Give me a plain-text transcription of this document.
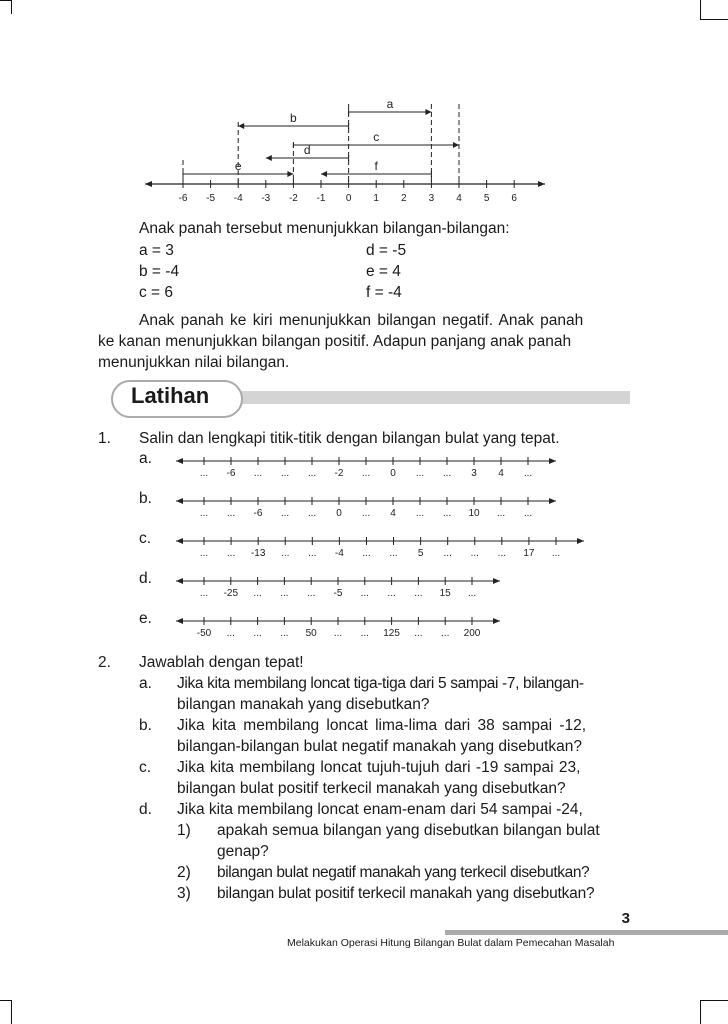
-6 -5 -4 -3 -2 -1 0 1 2 3 4 5 6
a
b
c
d
e	f
Anak panah tersebut menunjukkan bilangan-bilangan:
a = 3	d = -5
b = -4	e = 4
c = 6	f = -4
Anak panah ke kiri menunjukkan bilangan negatif. Anak panah
ke kanan menunjukkan bilangan positif. Adapun panjang anak panah
menunjukkan nilai bilangan.
Latihan
1. Salin dan lengkapi titik-titik dengan bilangan bulat yang tepat.
a.
b.
c.
d.
e.
... -6 ... ... ... -2 ... 0 ... ... 3 4 ...
... ... -6 ... ... 0 ... 4 ... ... 10 ... ...
... ... -13 ... ... -4 ... ... 5 ... ... ... 17 ...
... -25 ... ... ... -5 ... ... ... 15 ...
-50 ... ... ... 50 ... ... 125 ... ... 200
2. Jawablah dengan tepat!
a. Jika kita membilang loncat tiga-tiga dari 5 sampai -7, bilangan-
bilangan manakah yang disebutkan?
b. Jika kita membilang loncat lima-lima dari 38 sampai -12,
bilangan-bilangan bulat negatif manakah yang disebutkan?
c. Jika kita membilang loncat tujuh-tujuh dari -19 sampai 23,
bilangan bulat positif terkecil manakah yang disebutkan?
d. Jika kita membilang loncat enam-enam dari 54 sampai -24,
1) apakah semua bilangan yang disebutkan bilangan bulat
genap?
2) bilangan bulat negatif manakah yang terkecil disebutkan?
3) bilangan bulat positif terkecil manakah yang disebutkan?
3
Melakukan Operasi Hitung Bilangan Bulat dalam Pemecahan Masalah
